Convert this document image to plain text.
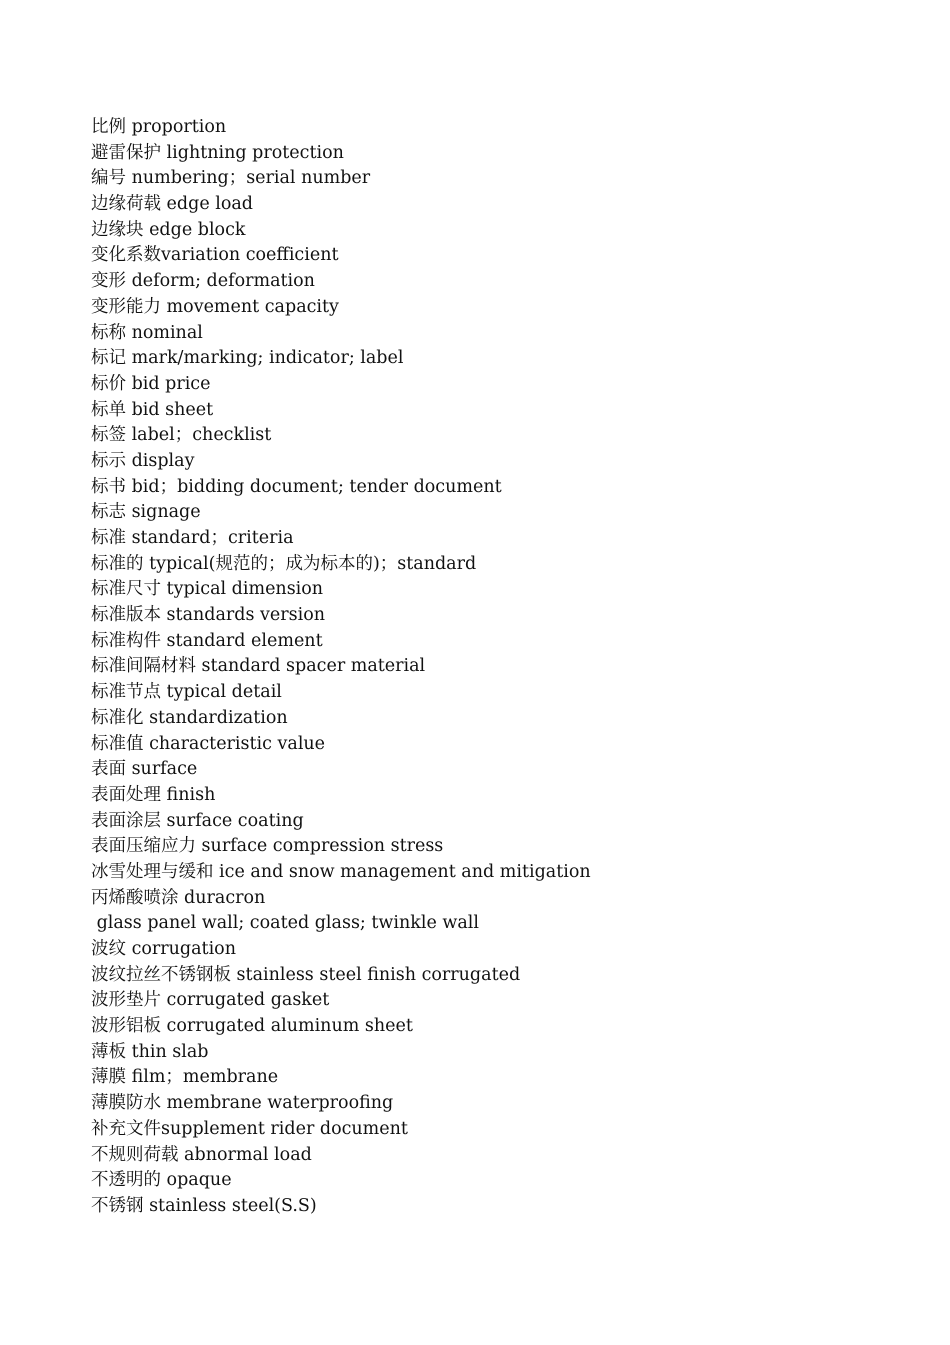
比例 proportion
避雷保护 lightning protection
编号 numbering；serial number
边缘荷载 edge load
边缘块 edge block
变化系数variation coefficient
变形 deform; deformation
变形能力 movement capacity
标称 nominal
标记 mark/marking; indicator; label
标价 bid price
标单 bid sheet
标签 label；checklist
标示 display
标书 bid；bidding document; tender document
标志 signage
标准 standard；criteria
标准的 typical(规范的；成为标本的)；standard
标准尺寸 typical dimension
标准版本 standards version
标准构件 standard element
标准间隔材料 standard spacer material
标准节点 typical detail
标准化 standardization
标准值 characteristic value
表面 surface
表面处理 finish
表面涂层 surface coating
表面压缩应力 surface compression stress
冰雪处理与缓和 ice and snow management and mitigation
丙烯酸喷涂 duracron
glass panel wall; coated glass; twinkle wall
波纹 corrugation
波纹拉丝不锈钢板 stainless steel finish corrugated
波形垫片 corrugated gasket
波形铝板 corrugated aluminum sheet
薄板 thin slab
薄膜 film；membrane
薄膜防水 membrane waterproofing
补充文件supplement rider document
不规则荷载 abnormal load
不透明的 opaque
不锈钢 stainless steel(S.S)
